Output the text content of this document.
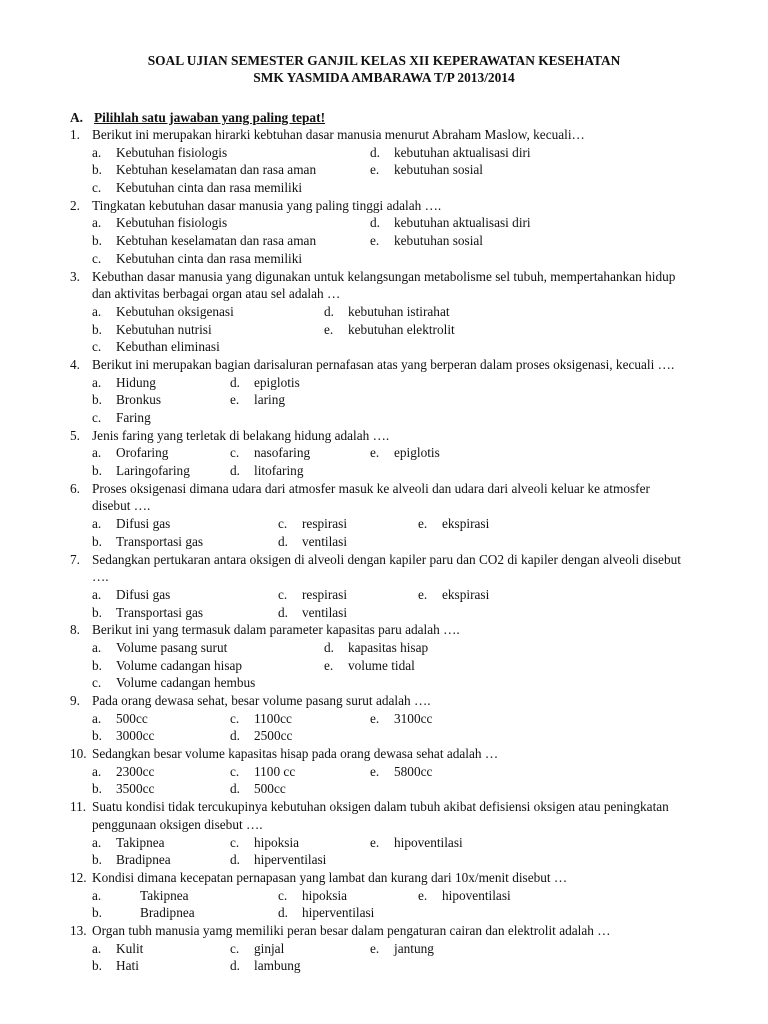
SOAL UJIAN SEMESTER GANJIL KELAS XII KEPERAWATAN KESEHATAN
SMK YASMIDA AMBARAWA T/P 2013/2014
A. Pilihlah satu jawaban yang paling tepat!
1. Berikut ini merupakan hirarki kebtuhan dasar manusia menurut Abraham Maslow, kecuali…
a. Kebutuhan fisiologis	d. kebutuhan aktualisasi diri
b. Kebtuhan keselamatan dan rasa aman	e. kebutuhan sosial
c. Kebutuhan cinta dan rasa memiliki
2. Tingkatan kebutuhan dasar manusia yang paling tinggi adalah ….
a. Kebutuhan fisiologis	d. kebutuhan aktualisasi diri
b. Kebtuhan keselamatan dan rasa aman	e. kebutuhan sosial
c. Kebutuhan cinta dan rasa memiliki
3. Kebuthan dasar manusia yang digunakan untuk kelangsungan metabolisme sel tubuh, mempertahankan hidup
dan aktivitas berbagai organ atau sel adalah …
a. Kebutuhan oksigenasi	d. kebutuhan istirahat
b. Kebutuhan nutrisi	e. kebutuhan elektrolit
c. Kebuthan eliminasi
4. Berikut ini merupakan bagian darisaluran pernafasan atas yang berperan dalam proses oksigenasi, kecuali ….
a. Hidung	d. epiglotis
b. Bronkus	e. laring
c. Faring
5. Jenis faring yang terletak di belakang hidung adalah ….
a. Orofaring	c. nasofaring	e. epiglotis
b. Laringofaring	d. litofaring
6. Proses oksigenasi dimana udara dari atmosfer masuk ke alveoli dan udara dari alveoli keluar ke atmosfer
disebut ….
a. Difusi gas	c. respirasi	e. ekspirasi
b. Transportasi gas	d. ventilasi
7. Sedangkan pertukaran antara oksigen di alveoli dengan kapiler paru dan CO2 di kapiler dengan alveoli disebut
….
a. Difusi gas	c. respirasi	e. ekspirasi
b. Transportasi gas	d. ventilasi
8. Berikut ini yang termasuk dalam parameter kapasitas paru adalah ….
a. Volume pasang surut	d. kapasitas hisap
b. Volume cadangan hisap	e. volume tidal
c. Volume cadangan hembus
9. Pada orang dewasa sehat, besar volume pasang surut adalah ….
a. 500cc	c. 1100cc	e. 3100cc
b. 3000cc	d. 2500cc
10. Sedangkan besar volume kapasitas hisap pada orang dewasa sehat adalah …
a. 2300cc	c. 1100 cc	e. 5800cc
b. 3500cc	d. 500cc
11. Suatu kondisi tidak tercukupinya kebutuhan oksigen dalam tubuh akibat defisiensi oksigen atau peningkatan
penggunaan oksigen disebut ….
a. Takipnea	c. hipoksia	e. hipoventilasi
b. Bradipnea	d. hiperventilasi
12. Kondisi dimana kecepatan pernapasan yang lambat dan kurang dari 10x/menit disebut …
a.	Takipnea	c. hipoksia	e. hipoventilasi
b.	Bradipnea	d. hiperventilasi
13. Organ tubh manusia yamg memiliki peran besar dalam pengaturan cairan dan elektrolit adalah …
a. Kulit	c. ginjal	e. jantung
b. Hati	d. lambung
